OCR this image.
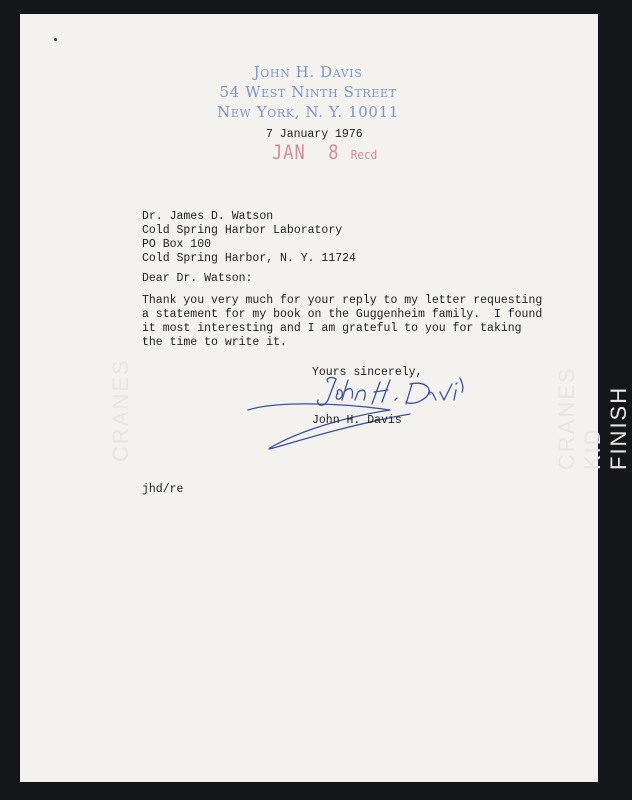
CRANES	CRANES KID FINISH
John H. Davis
54 West Ninth Street
New York, N. Y. 10011
7 January 1976
JAN 8 Recd
Dr. James D. Watson
Cold Spring Harbor Laboratory
PO Box 100
Cold Spring Harbor, N. Y. 11724
Dear Dr. Watson:
Thank you very much for your reply to my letter requesting
a statement for my book on the Guggenheim family.  I found
it most interesting and I am grateful to you for taking
the time to write it.
Yours sincerely,
John H. Davis
jhd/re
